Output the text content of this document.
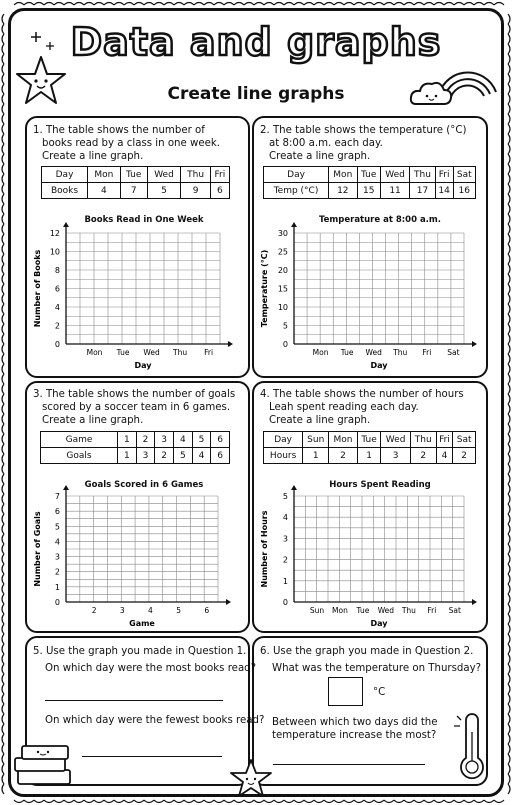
Data and graphs
Create line graphs
1. The table shows the number of
books read by a class in one week.
Create a line graph.
Day	Mon	Tue	Wed	Thu	Fri
Books	4	7	5	9	6
Books Read in One Week
0
2
4
6
8
10
12
Mon Tue Wed Thu Fri
Day
Number of Books
2. The table shows the temperature (°C)
at 8:00 a.m. each day.
Create a line graph.
Day	Mon	Tue	Wed	Thu	Fri	Sat
Temp (°C)	12	15	11	17	14	16
Temperature at 8:00 a.m.
0
5
10
15
20
25
30
Mon Tue Wed Thu Fri Sat
Day
Temperature (°C)
3. The table shows the number of goals
scored by a soccer team in 6 games.
Create a line graph.
Game	1	2	3	4	5	6
Goals	1	3	2	5	4	6
Goals Scored in 6 Games
0
1
2
3
4
5
6
7
2	3	4	5	6
Game
Number of Goals
4. The table shows the number of hours
Leah spent reading each day.
Create a line graph.
Day	Sun	Mon	Tue	Wed	Thu	Fri	Sat
Hours	1	2	1	3	2	4	2
Hours Spent Reading
0
1
2
3
4
5
Sun Mon Tue Wed Thu Fri Sat
Day
Number of Hours
5. Use the graph you made in Question 1.
On which day were the most books read?
On which day were the fewest books read?
6. Use the graph you made in Question 2.
What was the temperature on Thursday?
°C
Between which two days did the
temperature increase the most?
